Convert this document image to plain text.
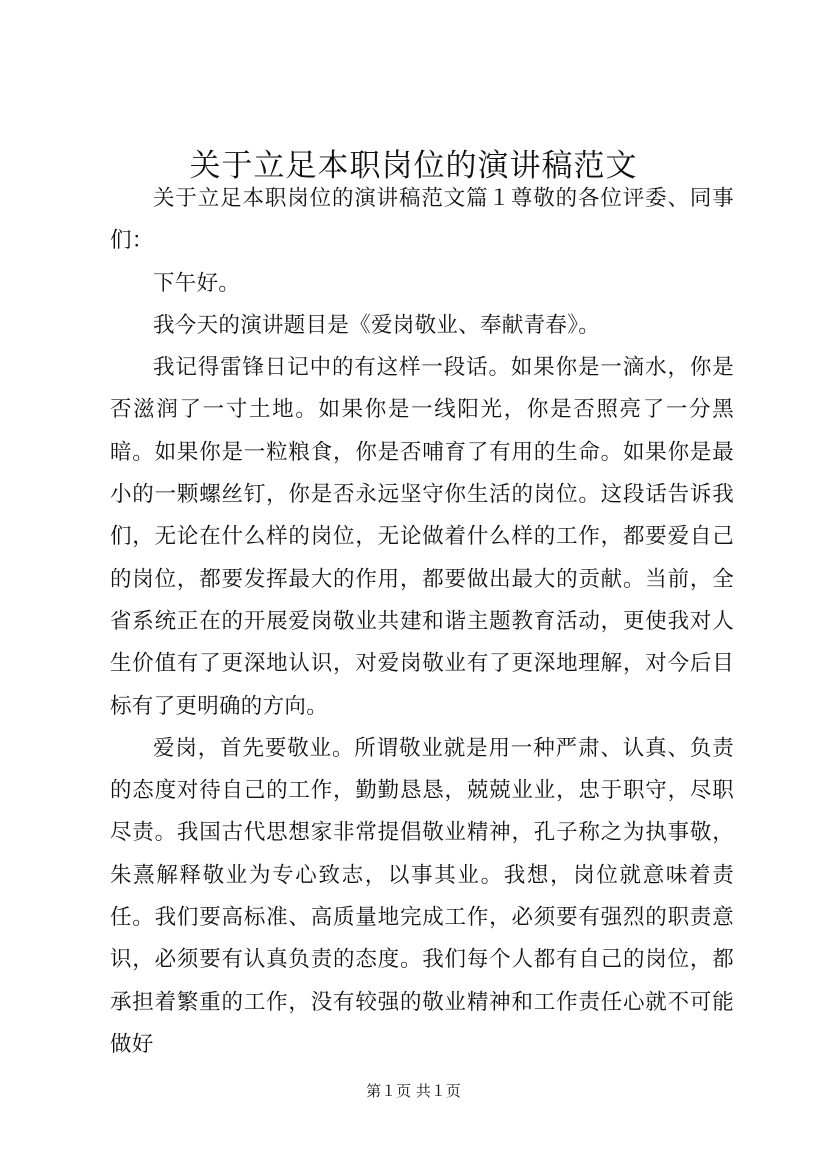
关于立足本职岗位的演讲稿范文

关于立足本职岗位的演讲稿范文篇１尊敬的各位评委、同事们：

下午好。

我今天的演讲题目是《爱岗敬业、奉献青春》。

我记得雷锋日记中的有这样一段话。如果你是一滴水，你是否滋润了一寸土地。如果你是一线阳光，你是否照亮了一分黑暗。如果你是一粒粮食，你是否哺育了有用的生命。如果你是最小的一颗螺丝钉，你是否永远坚守你生活的岗位。这段话告诉我们，无论在什么样的岗位，无论做着什么样的工作，都要爱自己的岗位，都要发挥最大的作用，都要做出最大的贡献。当前，全省系统正在的开展爱岗敬业共建和谐主题教育活动，更使我对人生价值有了更深地认识，对爱岗敬业有了更深地理解，对今后目标有了更明确的方向。

爱岗，首先要敬业。所谓敬业就是用一种严肃、认真、负责的态度对待自己的工作，勤勤恳恳，兢兢业业，忠于职守，尽职尽责。我国古代思想家非常提倡敬业精神，孔子称之为执事敬，朱熹解释敬业为专心致志，以事其业。我想，岗位就意味着责任。我们要高标准、高质量地完成工作，必须要有强烈的职责意识，必须要有认真负责的态度。我们每个人都有自己的岗位，都承担着繁重的工作，没有较强的敬业精神和工作责任心就不可能做好

第１页 共１页
